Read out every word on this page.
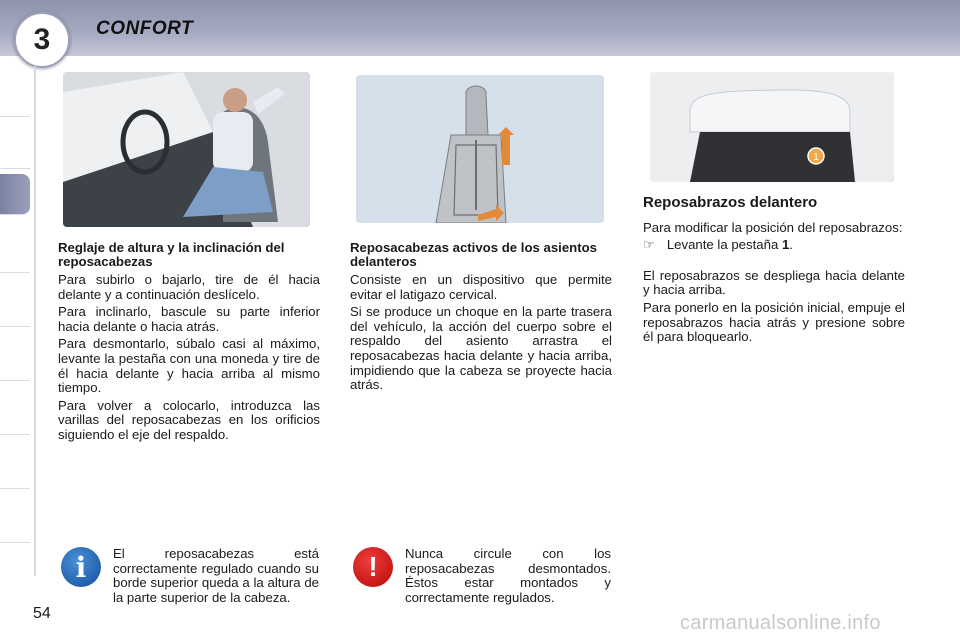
CONFORT
3
1
Reglaje de altura y la inclinación del reposacabezas

Para subirlo o bajarlo, tire de él hacia delante y a continuación deslícelo.

Para inclinarlo, bascule su parte inferior hacia delante o hacia atrás.

Para desmontarlo, súbalo casi al máximo, levante la pestaña con una moneda y tire de él hacia delante y hacia arriba al mismo tiempo.

Para volver a colocarlo, introduzca las varillas del reposacabezas en los orificios siguiendo el eje del respaldo.

Reposacabezas activos de los asientos delanteros

Consiste en un dispositivo que permite evitar el latigazo cervical.

Si se produce un choque en la parte trasera del vehículo, la acción del cuerpo sobre el respaldo del asiento arrastra el reposacabezas hacia delante y hacia arriba, impidiendo que la cabeza se proyecte hacia atrás.

Reposabrazos delantero

Para modificar la posición del reposabrazos:

☞ Levante la pestaña 1.

El reposabrazos se despliega hacia delante y hacia arriba.

Para ponerlo en la posición inicial, empuje el reposabrazos hacia atrás y presione sobre él para bloquearlo.

i El reposacabezas está correctamente regulado cuando su borde superior queda a la altura de la parte superior de la cabeza.
! Nunca circule con los reposacabezas desmontados. Éstos estar montados y correctamente regulados.
54	carmanualsonline.info
